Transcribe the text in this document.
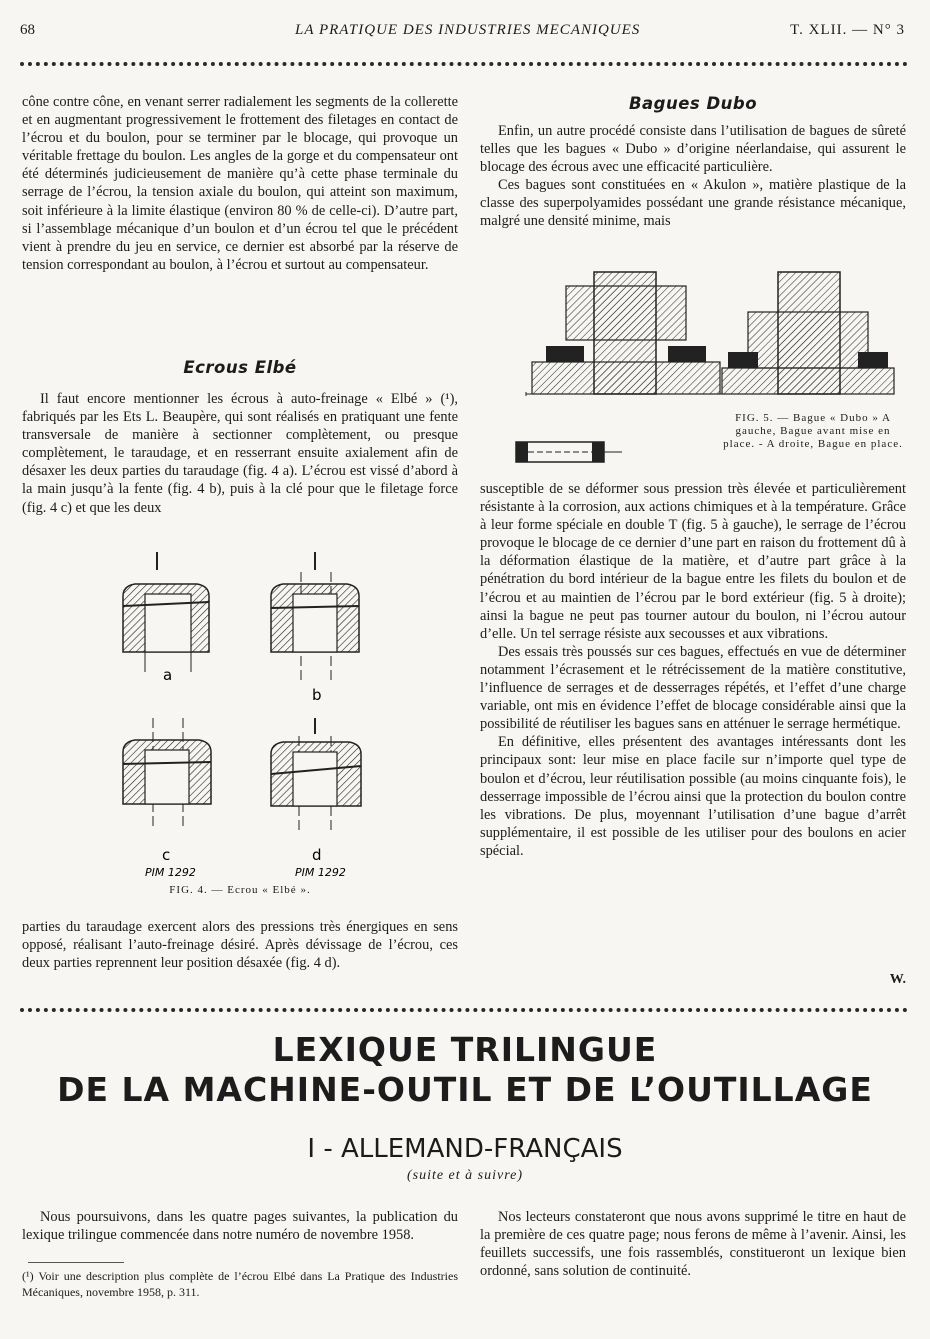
68	LA PRATIQUE DES INDUSTRIES MECANIQUES	T. XLII. — N° 3

cône contre cône, en venant serrer radialement les segments de la collerette et en augmentant progressivement le frottement des filetages en contact de l’écrou et du boulon, pour se terminer par le blocage, qui provoque un véritable frettage du boulon. Les angles de la gorge et du compensateur ont été déterminés judicieusement de manière qu’à cette phase terminale du serrage de l’écrou, la tension axiale du boulon, qui atteint son maximum, soit inférieure à la limite élastique (environ 80 % de celle-ci). D’autre part, si l’assemblage mécanique d’un boulon et d’un écrou tel que le précédent vient à prendre du jeu en service, ce dernier est absorbé par la réserve de tension correspondant au boulon, à l’écrou et surtout au compensateur.

Ecrous Elbé

Il faut encore mentionner les écrous à auto-freinage « Elbé » (¹), fabriqués par les Ets L. Beaupère, qui sont réalisés en pratiquant une fente transversale de manière à sectionner complètement, ou presque complètement, le taraudage, et en resserrant ensuite axialement afin de désaxer les deux parties du taraudage (fig. 4 a). L’écrou est vissé d’abord à la main jusqu’à la fente (fig. 4 b), puis à la clé pour que le filetage force (fig. 4 c) et que les deux

a
b
c
PIM 1292
d
PIM 1292
FIG. 4. — Ecrou « Elbé ».

parties du taraudage exercent alors des pressions très énergiques en sens opposé, réalisant l’auto-freinage désiré. Après dévissage de l’écrou, ces deux parties reprennent leur position désaxée (fig. 4 d).

Bagues Dubo

Enfin, un autre procédé consiste dans l’utilisation de bagues de sûreté telles que les bagues « Dubo » d’origine néerlandaise, qui assurent le blocage des écrous avec une efficacité particulière.

Ces bagues sont constituées en « Akulon », matière plastique de la classe des superpolyamides possédant une grande résistance mécanique, malgré une densité minime, mais

FIG. 5. — Bague « Dubo » A gauche, Bague avant mise en place. - A droite, Bague en place.

susceptible de se déformer sous pression très élevée et particulièrement résistante à la corrosion, aux actions chimiques et à la température. Grâce à leur forme spéciale en double T (fig. 5 à gauche), le serrage de l’écrou provoque le blocage de ce dernier d’une part en raison du frottement dû à la déformation élastique de la matière, et d’autre part grâce à la pénétration du bord intérieur de la bague entre les filets du boulon et de l’écrou et au maintien de l’écrou par le bord extérieur (fig. 5 à droite); ainsi la bague ne peut pas tourner autour du boulon, ni l’écrou autour d’elle. Un tel serrage résiste aux secousses et aux vibrations.

Des essais très poussés sur ces bagues, effectués en vue de déterminer notamment l’écrasement et le rétrécissement de la matière constitutive, l’influence de serrages et de desserrages répétés, et l’effet d’une charge variable, ont mis en évidence l’effet de blocage considérable ainsi que la possibilité de réutiliser les bagues sans en atténuer le serrage hermétique.

En définitive, elles présentent des avantages intéressants dont les principaux sont: leur mise en place facile sur n’importe quel type de boulon et d’écrou, leur réutilisation possible (au moins cinquante fois), le desserrage impossible de l’écrou ainsi que la protection du boulon contre les vibrations. De plus, moyennant l’utilisation d’une bague d’arrêt supplémentaire, il est possible de les utiliser pour des boulons en acier spécial.

W.
LEXIQUE TRILINGUE
DE LA MACHINE-OUTIL ET DE L’OUTILLAGE
I - ALLEMAND-FRANÇAIS
(suite et à suivre)

Nous poursuivons, dans les quatre pages suivantes, la publication du lexique trilingue commencée dans notre numéro de novembre 1958.

(¹) Voir une description plus complète de l’écrou Elbé dans La Pratique des Industries Mécaniques, novembre 1958, p. 311.

Nos lecteurs constateront que nous avons supprimé le titre en haut de la première de ces quatre page; nous ferons de même à l’avenir. Ainsi, les feuillets successifs, une fois rassemblés, constitueront un lexique bien ordonné, sans solution de continuité.
